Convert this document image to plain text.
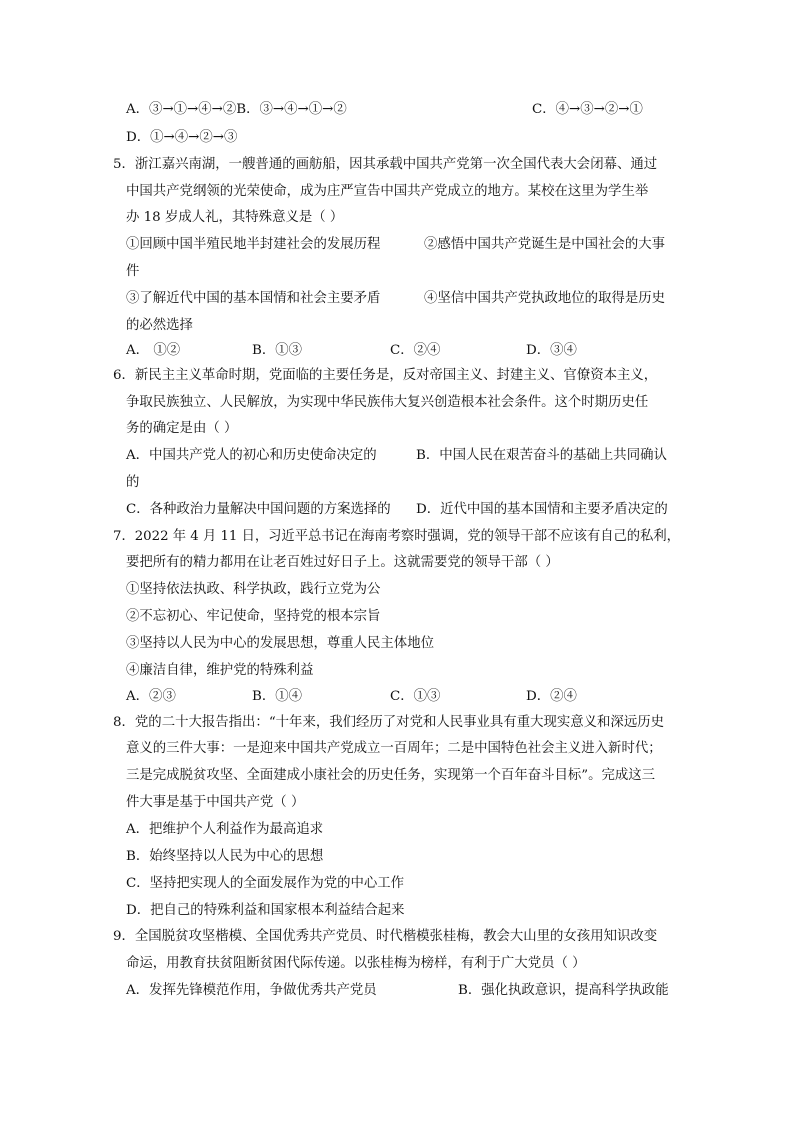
A．③→①→④→②B．③→④→①→②	C．④→③→②→①
D．①→④→②→③
5．浙江嘉兴南湖，一艘普通的画舫船，因其承载中国共产党第一次全国代表大会闭幕、通过
中国共产党纲领的光荣使命，成为庄严宣告中国共产党成立的地方。某校在这里为学生举
办 18 岁成人礼，其特殊意义是（ ）
①回顾中国半殖民地半封建社会的发展历程	②感悟中国共产党诞生是中国社会的大事
件
③了解近代中国的基本国情和社会主要矛盾	④坚信中国共产党执政地位的取得是历史
的必然选择
A． ①②	B．①③	C．②④	D．③④
6．新民主主义革命时期，党面临的主要任务是，反对帝国主义、封建主义、官僚资本主义，
争取民族独立、人民解放，为实现中华民族伟大复兴创造根本社会条件。这个时期历史任
务的确定是由（ ）
A．中国共产党人的初心和历史使命决定的	B．中国人民在艰苦奋斗的基础上共同确认
的
C．各种政治力量解决中国问题的方案选择的 D．近代中国的基本国情和主要矛盾决定的
7．2022 年 4 月 11 日，习近平总书记在海南考察时强调，党的领导干部不应该有自己的私利，
要把所有的精力都用在让老百姓过好日子上。这就需要党的领导干部（ ）
①坚持依法执政、科学执政，践行立党为公
②不忘初心、牢记使命，坚持党的根本宗旨
③坚持以人民为中心的发展思想，尊重人民主体地位
④廉洁自律，维护党的特殊利益
A．②③	B．①④	C．①③	D．②④
8．党的二十大报告指出：“十年来，我们经历了对党和人民事业具有重大现实意义和深远历史
意义的三件大事：一是迎来中国共产党成立一百周年；二是中国特色社会主义进入新时代；
三是完成脱贫攻坚、全面建成小康社会的历史任务，实现第一个百年奋斗目标”。完成这三
件大事是基于中国共产党（ ）
A．把维护个人利益作为最高追求
B．始终坚持以人民为中心的思想
C．坚持把实现人的全面发展作为党的中心工作
D．把自己的特殊利益和国家根本利益结合起来
9．全国脱贫攻坚楷模、全国优秀共产党员、时代楷模张桂梅，教会大山里的女孩用知识改变
命运，用教育扶贫阻断贫困代际传递。以张桂梅为榜样，有利于广大党员（ ）
A．发挥先锋模范作用，争做优秀共产党员	B．强化执政意识，提高科学执政能
